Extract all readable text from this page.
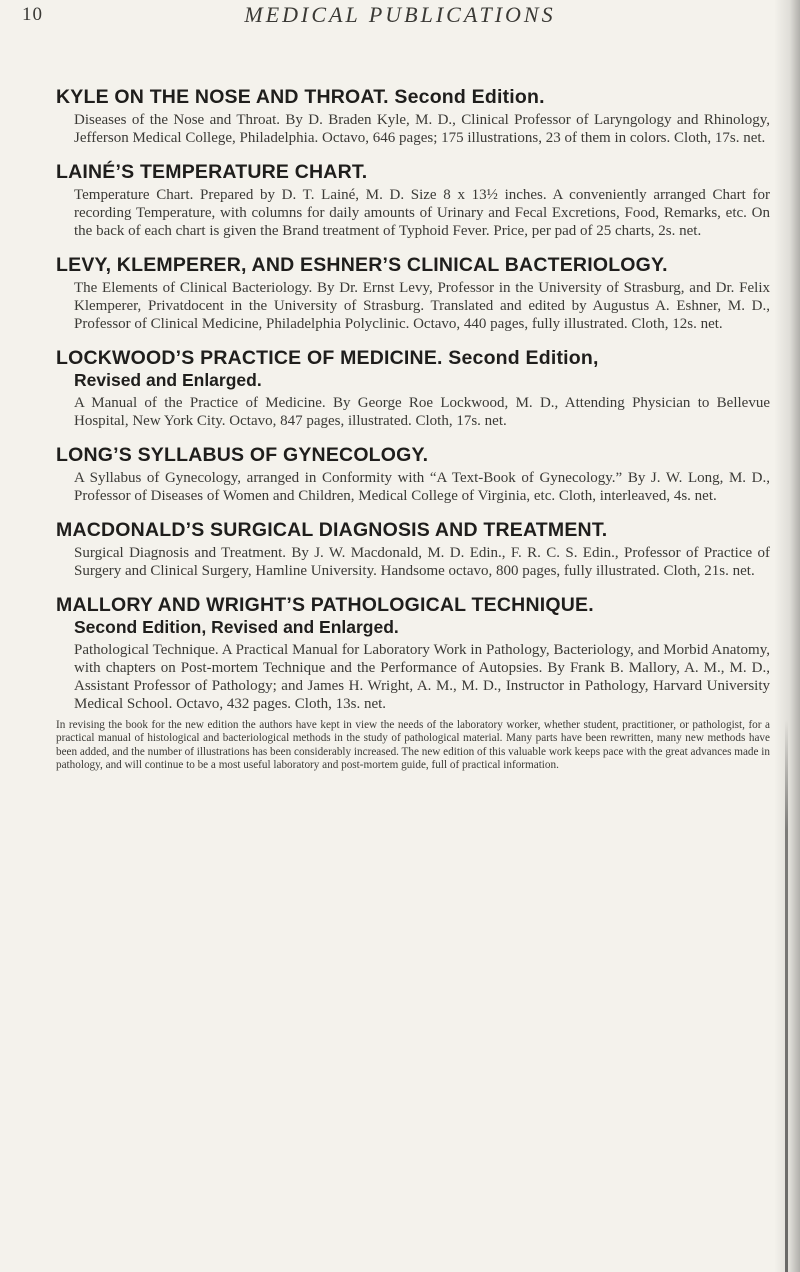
10	MEDICAL PUBLICATIONS
KYLE ON THE NOSE AND THROAT. Second Edition.
Diseases of the Nose and Throat. By D. Braden Kyle, M. D., Clinical Professor of Laryngology and Rhinology, Jefferson Medical College, Philadelphia. Octavo, 646 pages; 175 illustrations, 23 of them in colors. Cloth, 17s. net.
LAINÉ’S TEMPERATURE CHART.
Temperature Chart. Prepared by D. T. Lainé, M. D. Size 8 x 13½ inches. A conveniently arranged Chart for recording Temperature, with columns for daily amounts of Urinary and Fecal Excretions, Food, Remarks, etc. On the back of each chart is given the Brand treatment of Typhoid Fever. Price, per pad of 25 charts, 2s. net.
LEVY, KLEMPERER, AND ESHNER’S CLINICAL BACTERIOLOGY.
The Elements of Clinical Bacteriology. By Dr. Ernst Levy, Professor in the University of Strasburg, and Dr. Felix Klemperer, Privatdocent in the University of Strasburg. Translated and edited by Augustus A. Eshner, M. D., Professor of Clinical Medicine, Philadelphia Polyclinic. Octavo, 440 pages, fully illustrated. Cloth, 12s. net.
LOCKWOOD’S PRACTICE OF MEDICINE. Second Edition,
Revised and Enlarged.
A Manual of the Practice of Medicine. By George Roe Lockwood, M. D., Attending Physician to Bellevue Hospital, New York City. Octavo, 847 pages, illustrated. Cloth, 17s. net.
LONG’S SYLLABUS OF GYNECOLOGY.
A Syllabus of Gynecology, arranged in Conformity with “A Text-Book of Gynecology.” By J. W. Long, M. D., Professor of Diseases of Women and Children, Medical College of Virginia, etc. Cloth, interleaved, 4s. net.
MACDONALD’S SURGICAL DIAGNOSIS AND TREATMENT.
Surgical Diagnosis and Treatment. By J. W. Macdonald, M. D. Edin., F. R. C. S. Edin., Professor of Practice of Surgery and Clinical Surgery, Hamline University. Handsome octavo, 800 pages, fully illustrated. Cloth, 21s. net.
MALLORY AND WRIGHT’S PATHOLOGICAL TECHNIQUE.
Second Edition, Revised and Enlarged.
Pathological Technique. A Practical Manual for Laboratory Work in Pathology, Bacteriology, and Morbid Anatomy, with chapters on Post-mortem Technique and the Performance of Autopsies. By Frank B. Mallory, A. M., M. D., Assistant Professor of Pathology; and James H. Wright, A. M., M. D., Instructor in Pathology, Harvard University Medical School. Octavo, 432 pages. Cloth, 13s. net.
In revising the book for the new edition the authors have kept in view the needs of the laboratory worker, whether student, practitioner, or pathologist, for a practical manual of histological and bacteriological methods in the study of pathological material. Many parts have been rewritten, many new methods have been added, and the number of illustrations has been considerably increased. The new edition of this valuable work keeps pace with the great advances made in pathology, and will continue to be a most useful laboratory and post-mortem guide, full of practical information.
